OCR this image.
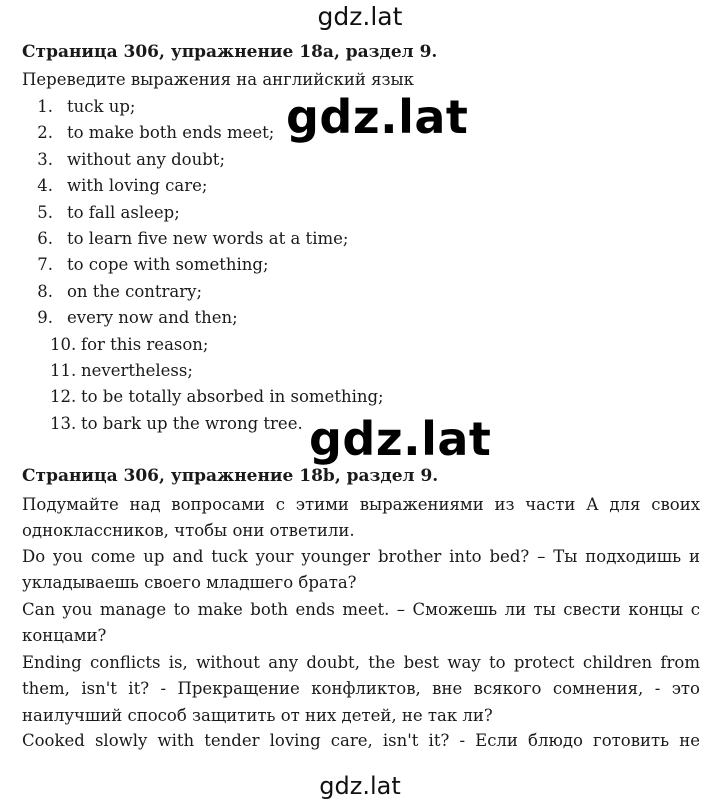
gdz.lat
Страница 306, упражнение 18a, раздел 9.
Переведите выражения на английский язык
1. tuck up;
2. to make both ends meet;
3. without any doubt;
4. with loving care;
5. to fall asleep;
6. to learn five new words at a time;
7. to cope with something;
8. on the contrary;
9. every now and then;
10. for this reason;
11. nevertheless;
12. to be totally absorbed in something;
13. to bark up the wrong tree.
gdz.lat
Страница 306, упражнение 18b, раздел 9.
gdz.lat
Подумайте над вопросами с этими выражениями из части А для своих одноклассников, чтобы они ответили.
Do you come up and tuck your younger brother into bed? – Ты подходишь и укладываешь своего младшего брата?
Can you manage to make both ends meet. – Сможешь ли ты свести концы с концами?
Ending conflicts is, without any doubt, the best way to protect children from them, isn't it? - Прекращение конфликтов, вне всякого сомнения, - это наилучший способ защитить от них детей, не так ли?
Cooked slowly with tender loving care, isn't it? - Если блюдо готовить не
gdz.lat
